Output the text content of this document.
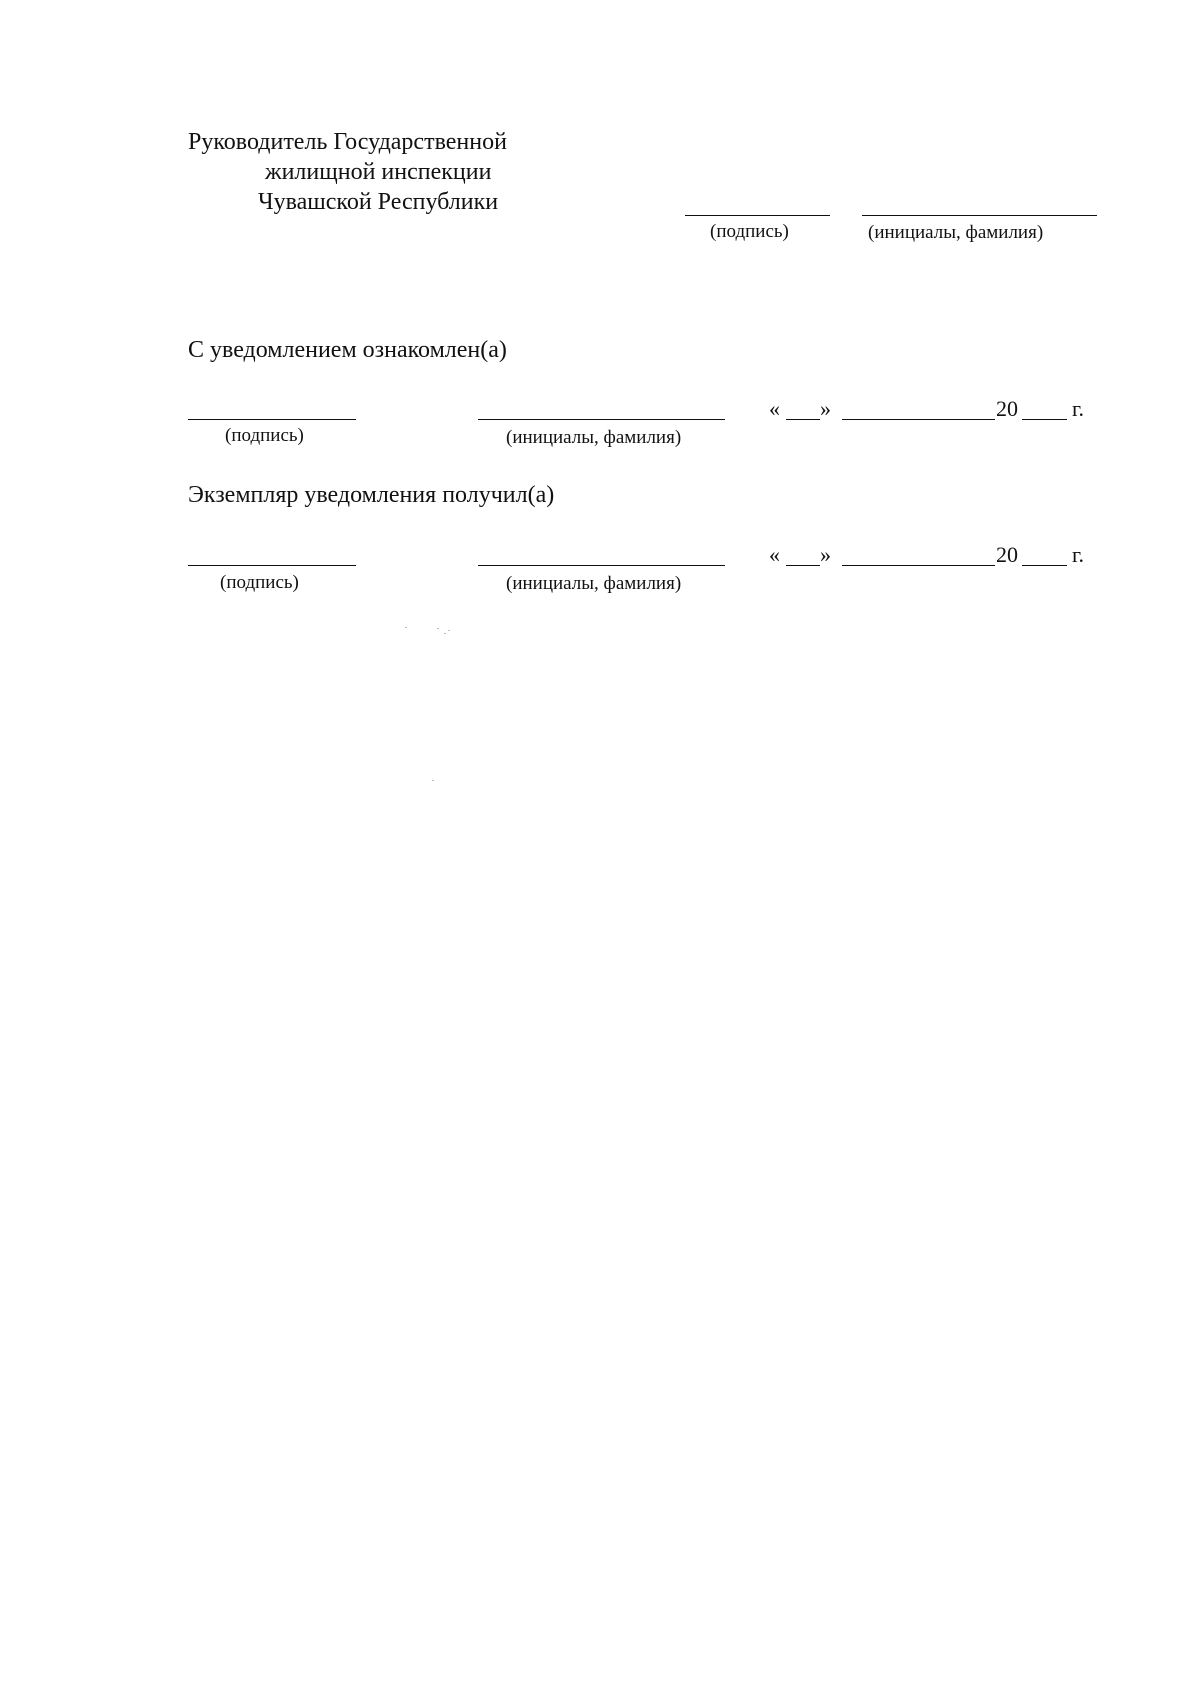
Руководитель Государственной
жилищной инспекции
Чувашской Республики
(подпись)	(инициалы, фамилия)
С уведомлением ознакомлен(а)
« »	20 г.
(подпись)	(инициалы, фамилия)
Экземпляр уведомления получил(а)
« »	20 г.
(подпись)	(инициалы, фамилия)
